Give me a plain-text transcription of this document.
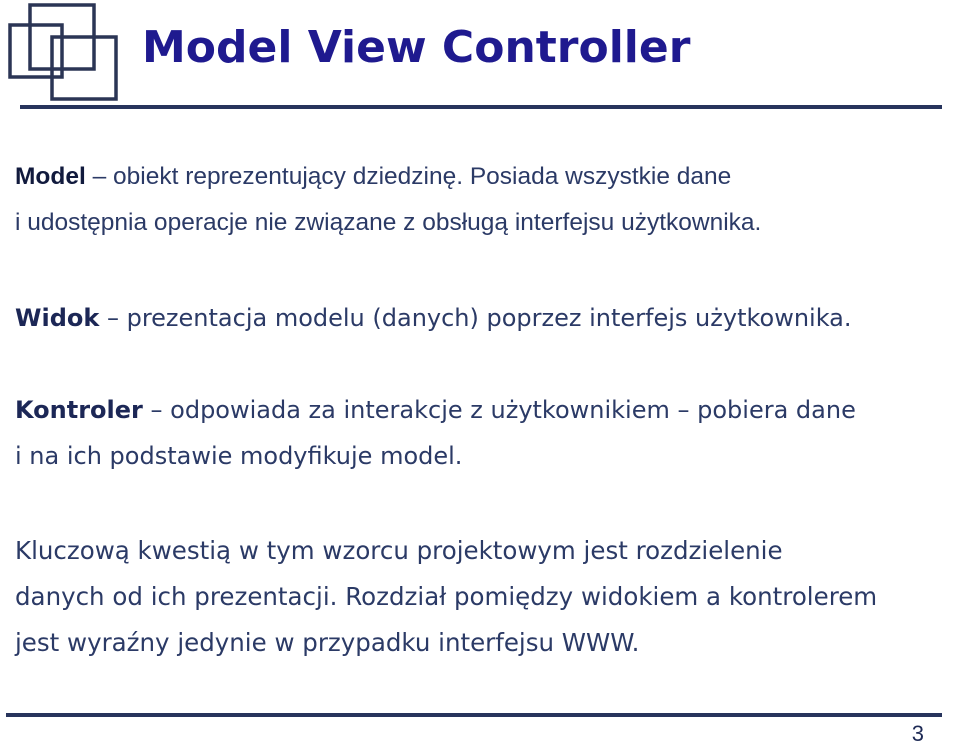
Model View Controller

Model – obiekt reprezentujący dziedzinę. Posiada wszystkie dane
i udostępnia operacje nie związane z obsługą interfejsu użytkownika.

Widok – prezentacja modelu (danych) poprzez interfejs użytkownika.

Kontroler – odpowiada za interakcje z użytkownikiem – pobiera dane
i na ich podstawie modyfikuje model.

Kluczową kwestią w tym wzorcu projektowym jest rozdzielenie
danych od ich prezentacji. Rozdział pomiędzy widokiem a kontrolerem
jest wyraźny jedynie w przypadku interfejsu WWW.

3
